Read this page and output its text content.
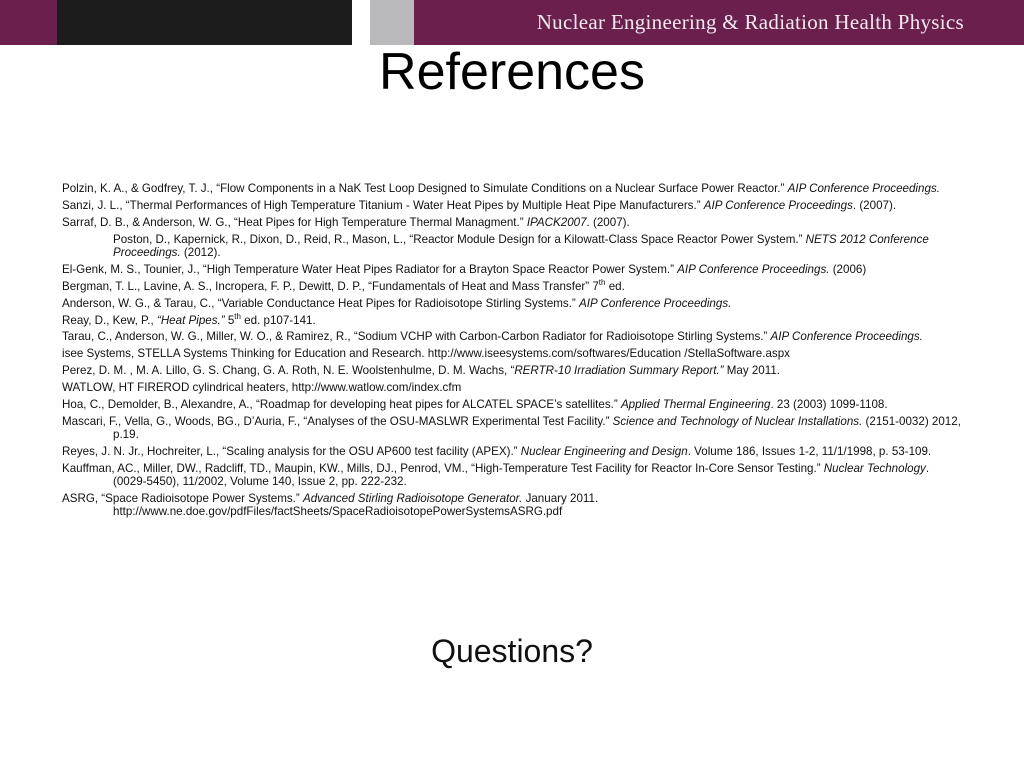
Nuclear Engineering & Radiation Health Physics
References
Polzin, K. A., & Godfrey, T. J., “Flow Components in a NaK Test Loop Designed to Simulate Conditions on a Nuclear Surface Power Reactor.” AIP Conference Proceedings.
Sanzi, J. L., “Thermal Performances of High Temperature Titanium - Water Heat Pipes by Multiple Heat Pipe Manufacturers.” AIP Conference Proceedings. (2007).
Sarraf, D. B., & Anderson, W. G., “Heat Pipes for High Temperature Thermal Managment.” IPACK2007. (2007).
Poston, D., Kapernick, R., Dixon, D., Reid, R., Mason, L., “Reactor Module Design for a Kilowatt-Class Space Reactor Power System.” NETS 2012 Conference Proceedings. (2012).
El-Genk, M. S., Tounier, J., “High Temperature Water Heat Pipes Radiator for a Brayton Space Reactor Power System.” AIP Conference Proceedings. (2006)
Bergman, T. L., Lavine, A. S., Incropera, F. P., Dewitt, D. P., “Fundamentals of Heat and Mass Transfer” 7th ed.
Anderson, W. G., & Tarau, C., “Variable Conductance Heat Pipes for Radioisotope Stirling Systems.” AIP Conference Proceedings.
Reay, D., Kew, P., “Heat Pipes.” 5th ed. p107-141.
Tarau, C., Anderson, W. G., Miller, W. O., & Ramirez, R., “Sodium VCHP with Carbon-Carbon Radiator for Radioisotope Stirling Systems.” AIP Conference Proceedings.
isee Systems, STELLA Systems Thinking for Education and Research. http://www.iseesystems.com/softwares/Education /StellaSoftware.aspx
Perez, D. M. , M. A. Lillo, G. S. Chang, G. A. Roth, N. E. Woolstenhulme, D. M. Wachs, “RERTR-10 Irradiation Summary Report.” May 2011.
WATLOW, HT FIREROD cylindrical heaters, http://www.watlow.com/index.cfm
Hoa, C., Demolder, B., Alexandre, A., “Roadmap for developing heat pipes for ALCATEL SPACE’s satellites.” Applied Thermal Engineering. 23 (2003) 1099-1108.
Mascari, F., Vella, G., Woods, BG., D’Auria, F., “Analyses of the OSU-MASLWR Experimental Test Facility.” Science and Technology of Nuclear Installations. (2151-0032) 2012, p.19.
Reyes, J. N. Jr., Hochreiter, L., “Scaling analysis for the OSU AP600 test facility (APEX).” Nuclear Engineering and Design. Volume 186, Issues 1-2, 11/1/1998, p. 53-109.
Kauffman, AC., Miller, DW., Radcliff, TD., Maupin, KW., Mills, DJ., Penrod, VM., “High-Temperature Test Facility for Reactor In-Core Sensor Testing.” Nuclear Technology. (0029-5450), 11/2002, Volume 140, Issue 2, pp. 222-232.
ASRG, “Space Radioisotope Power Systems.” Advanced Stirling Radioisotope Generator. January 2011. http://www.ne.doe.gov/pdfFiles/factSheets/SpaceRadioisotopePowerSystemsASRG.pdf
Questions?
